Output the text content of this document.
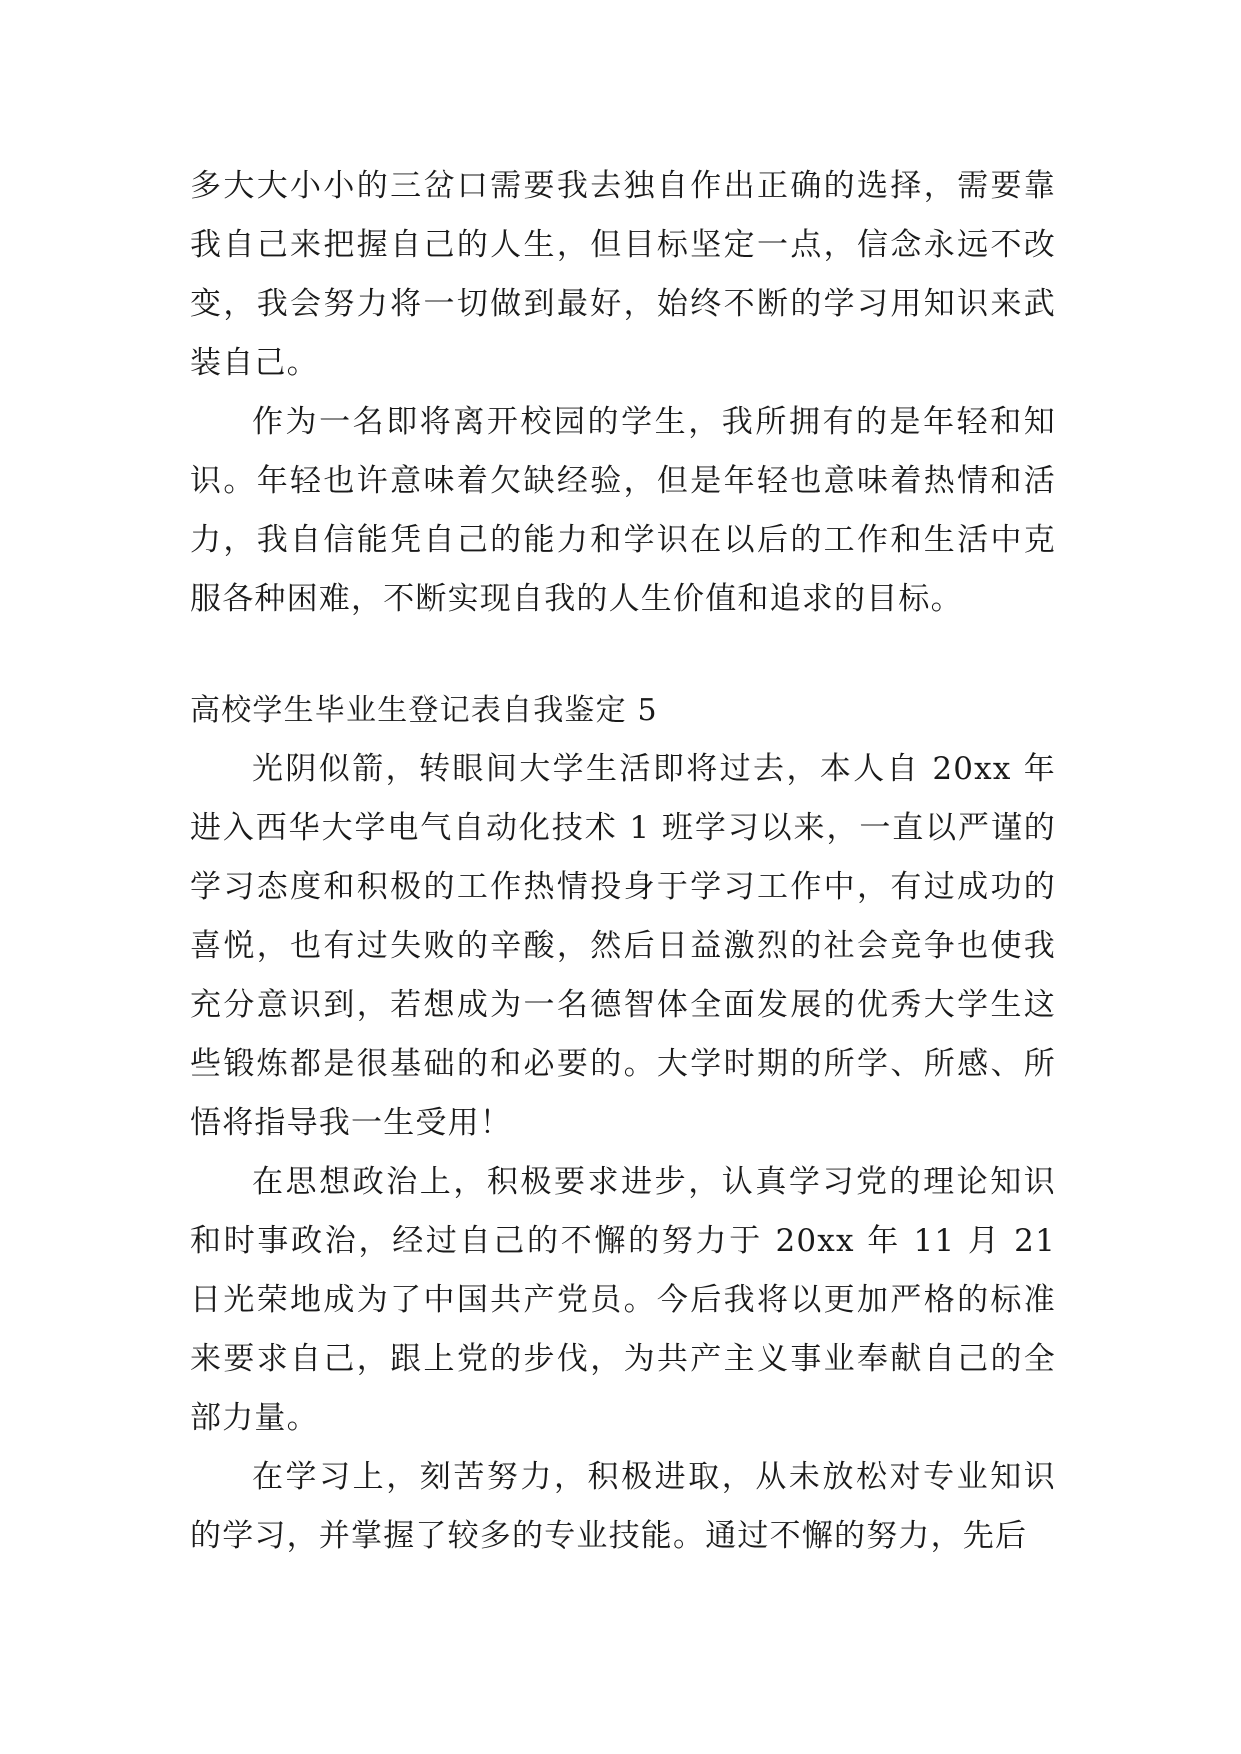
多大大小小的三岔口需要我去独自作出正确的选择，需要靠我自己来把握自己的人生，但目标坚定一点，信念永远不改变，我会努力将一切做到最好，始终不断的学习用知识来武装自己。

作为一名即将离开校园的学生，我所拥有的是年轻和知识。年轻也许意味着欠缺经验，但是年轻也意味着热情和活力，我自信能凭自己的能力和学识在以后的工作和生活中克服各种困难，不断实现自我的人生价值和追求的目标。

高校学生毕业生登记表自我鉴定 5

光阴似箭，转眼间大学生活即将过去，本人自 20xx 年进入西华大学电气自动化技术 1 班学习以来，一直以严谨的学习态度和积极的工作热情投身于学习工作中，有过成功的喜悦，也有过失败的辛酸，然后日益激烈的社会竞争也使我充分意识到，若想成为一名德智体全面发展的优秀大学生这些锻炼都是很基础的和必要的。大学时期的所学、所感、所悟将指导我一生受用！

在思想政治上，积极要求进步，认真学习党的理论知识和时事政治，经过自己的不懈的努力于 20xx 年 11 月 21 日光荣地成为了中国共产党员。今后我将以更加严格的标准来要求自己，跟上党的步伐，为共产主义事业奉献自己的全部力量。

在学习上，刻苦努力，积极进取，从未放松对专业知识的学习，并掌握了较多的专业技能。通过不懈的努力，先后
